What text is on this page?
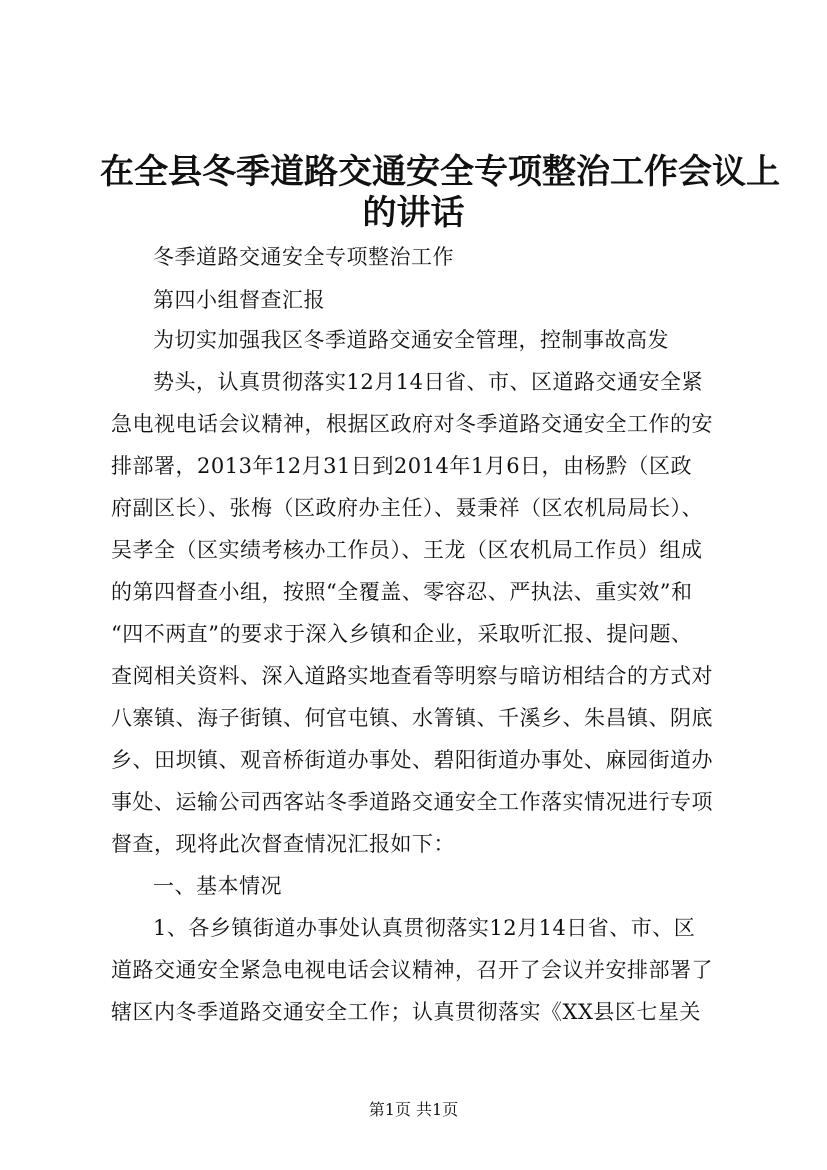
在全县冬季道路交通安全专项整治工作会议上
的讲话
冬季道路交通安全专项整治工作
第四小组督查汇报
为切实加强我区冬季道路交通安全管理，控制事故高发
势头，认真贯彻落实12月14日省、市、区道路交通安全紧
急电视电话会议精神，根据区政府对冬季道路交通安全工作的安
排部署，2013年12月31日到2014年1月6日，由杨黔（区政
府副区长）、张梅（区政府办主任）、聂秉祥（区农机局局长）、
吴孝全（区实绩考核办工作员）、王龙（区农机局工作员）组成
的第四督查小组，按照“全覆盖、零容忍、严执法、重实效”和
“四不两直”的要求于深入乡镇和企业，采取听汇报、提问题、
查阅相关资料、深入道路实地查看等明察与暗访相结合的方式对
八寨镇、海子街镇、何官屯镇、水箐镇、千溪乡、朱昌镇、阴底
乡、田坝镇、观音桥街道办事处、碧阳街道办事处、麻园街道办
事处、运输公司西客站冬季道路交通安全工作落实情况进行专项
督查，现将此次督查情况汇报如下：
一、基本情况
1、各乡镇街道办事处认真贯彻落实12月14日省、市、区
道路交通安全紧急电视电话会议精神，召开了会议并安排部署了
辖区内冬季道路交通安全工作；认真贯彻落实《XX县区七星关
第1页 共1页
